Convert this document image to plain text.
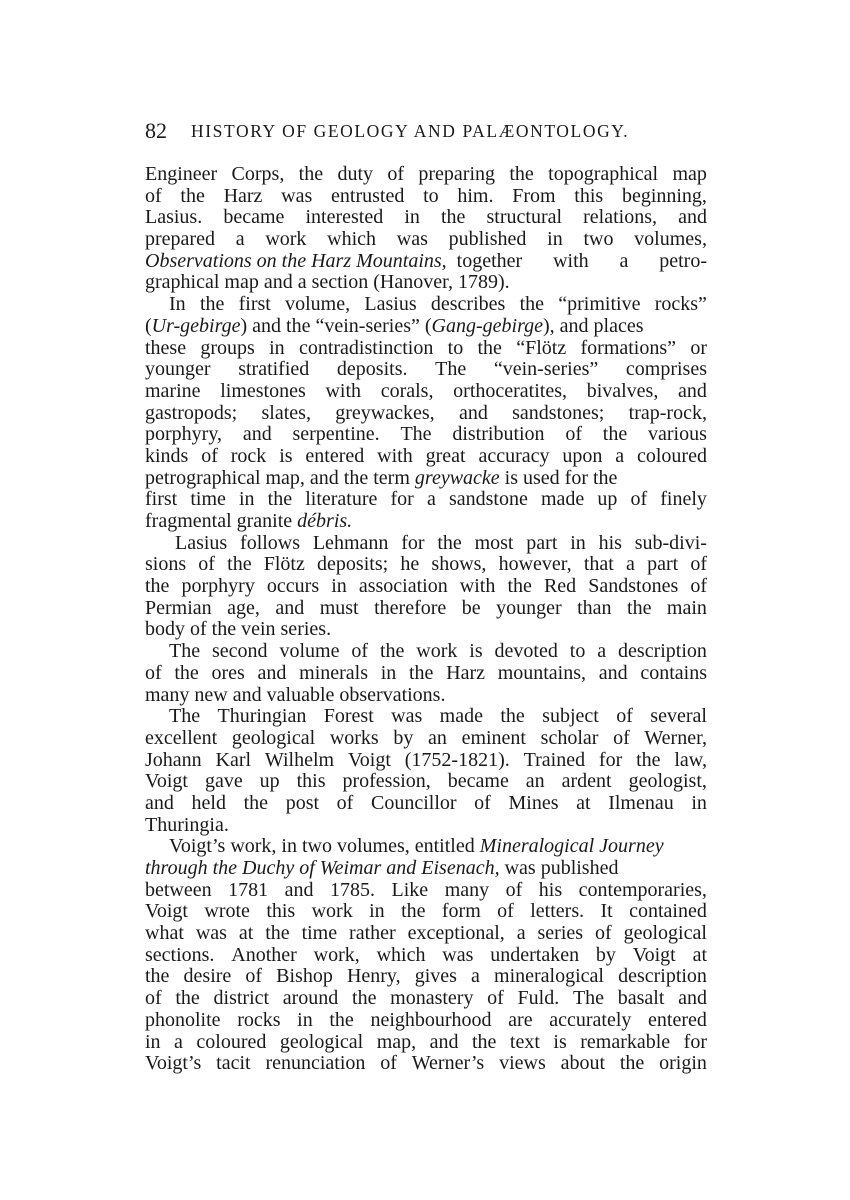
82 HISTORY OF GEOLOGY AND PALÆONTOLOGY.
Engineer Corps, the duty of preparing the topographical map
of the Harz was entrusted to him. From this beginning,
Lasius. became interested in the structural relations, and
prepared a work which was published in two volumes,
Observations on the Harz Mountains, together with a petro-
graphical map and a section (Hanover, 1789).
In the first volume, Lasius describes the “primitive rocks”
(Ur-gebirge) and the “vein-series” (Gang-gebirge), and places
these groups in contradistinction to the “Flötz formations” or
younger stratified deposits. The “vein-series” comprises
marine limestones with corals, orthoceratites, bivalves, and
gastropods; slates, greywackes, and sandstones; trap-rock,
porphyry, and serpentine. The distribution of the various
kinds of rock is entered with great accuracy upon a coloured
petrographical map, and the term greywacke is used for the
first time in the literature for a sandstone made up of finely
fragmental granite débris.
Lasius follows Lehmann for the most part in his sub-divi-
sions of the Flötz deposits; he shows, however, that a part of
the porphyry occurs in association with the Red Sandstones of
Permian age, and must therefore be younger than the main
body of the vein series.
The second volume of the work is devoted to a description
of the ores and minerals in the Harz mountains, and contains
many new and valuable observations.
The Thuringian Forest was made the subject of several
excellent geological works by an eminent scholar of Werner,
Johann Karl Wilhelm Voigt (1752-1821). Trained for the law,
Voigt gave up this profession, became an ardent geologist,
and held the post of Councillor of Mines at Ilmenau in
Thuringia.
Voigt’s work, in two volumes, entitled Mineralogical Journey
through the Duchy of Weimar and Eisenach, was published
between 1781 and 1785. Like many of his contemporaries,
Voigt wrote this work in the form of letters. It contained
what was at the time rather exceptional, a series of geological
sections. Another work, which was undertaken by Voigt at
the desire of Bishop Henry, gives a mineralogical description
of the district around the monastery of Fuld. The basalt and
phonolite rocks in the neighbourhood are accurately entered
in a coloured geological map, and the text is remarkable for
Voigt’s tacit renunciation of Werner’s views about the origin
